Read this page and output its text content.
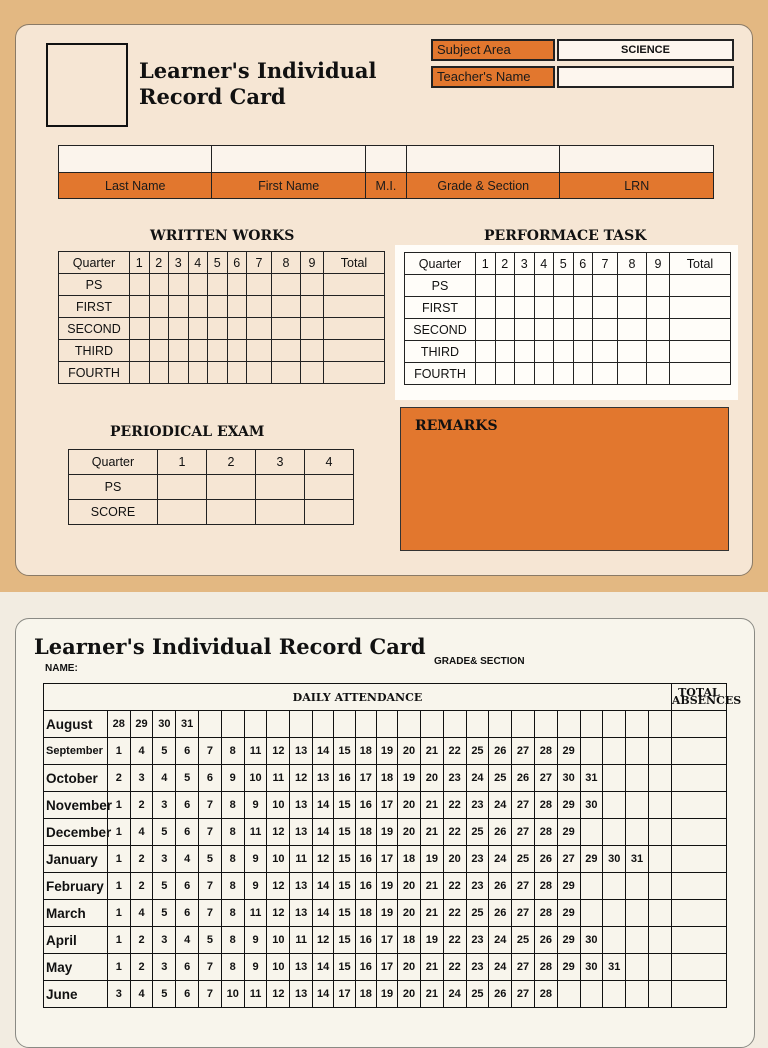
Learner's Individual
Record Card
Subject Area	SCIENCE
Teacher's Name

Last Name	First Name	M.I.	Grade & Section	LRN
WRITTEN WORKS
Quarter	1	2	3	4	5	6	7	8	9	Total
PS										
FIRST										
SECOND										
THIRD										
FOURTH										
PERFORMACE TASK
Quarter	1	2	3	4	5	6	7	8	9	Total
PS										
FIRST										
SECOND										
THIRD										
FOURTH										
PERIODICAL EXAM
Quarter	1	2	3	4
PS				
SCORE				
REMARKS
Learner's Individual Record Card
NAME:
GRADE& SECTION
DAILY ATTENDANCE																										TOTAL ABSENCES
August	28	29	30	31																						
September	1	4	5	6	7	8	11	12	13	14	15	18	19	20	21	22	25	26	27	28	29					
October	2	3	4	5	6	9	10	11	12	13	16	17	18	19	20	23	24	25	26	27	30	31				
November	1	2	3	6	7	8	9	10	13	14	15	16	17	20	21	22	23	24	27	28	29	30				
December	1	4	5	6	7	8	11	12	13	14	15	18	19	20	21	22	25	26	27	28	29					
January	1	2	3	4	5	8	9	10	11	12	15	16	17	18	19	20	23	24	25	26	27	29	30	31		
February	1	2	5	6	7	8	9	12	13	14	15	16	19	20	21	22	23	26	27	28	29					
March	1	4	5	6	7	8	11	12	13	14	15	18	19	20	21	22	25	26	27	28	29					
April	1	2	3	4	5	8	9	10	11	12	15	16	17	18	19	22	23	24	25	26	29	30				
May	1	2	3	6	7	8	9	10	13	14	15	16	17	20	21	22	23	24	27	28	29	30	31			
June	3	4	5	6	7	10	11	12	13	14	17	18	19	20	21	24	25	26	27	28						
